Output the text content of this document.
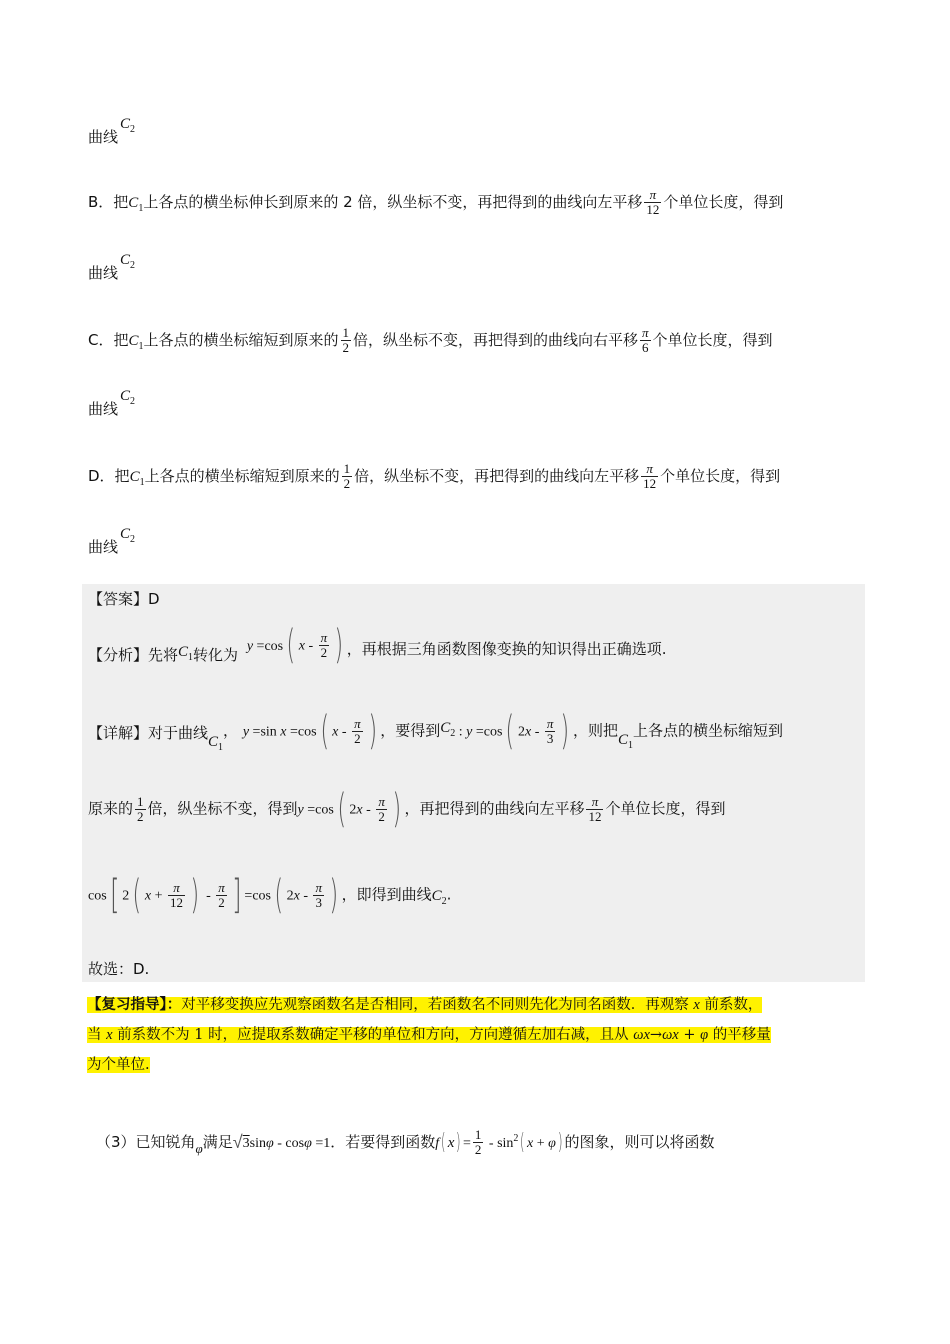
曲线$C_2$
B．把$C_1$上各点的横坐标伸长到原来的 2 倍，纵坐标不变，再把得到的曲线向左平移 $\frac{\pi}{12}$ 个单位长度，得到
曲线$C_2$
C．把$C_1$上各点的横坐标缩短到原来的 $\frac{1}{2}$ 倍，纵坐标不变，再把得到的曲线向右平移 $\frac{\pi}{6}$ 个单位长度，得到
曲线$C_2$
D．把$C_1$上各点的横坐标缩短到原来的 $\frac{1}{2}$ 倍，纵坐标不变，再把得到的曲线向左平移 $\frac{\pi}{12}$ 个单位长度，得到
曲线$C_2$
【答案】D
【分析】先将$C_1$转化为 y =cos( x - $\frac{\pi}{2}$ ) ，再根据三角函数图像变换的知识得出正确选项.
【详解】对于曲线$C_1$， y =sin x =cos( x - $\frac{\pi}{2}$ ) ，要得到$C_2$ : y =cos( $2x - \frac{\pi}{3}$ ) ，则把$C_1$上各点的横坐标缩短到
原来的 $\frac{1}{2}$ 倍，纵坐标不变，得到y =cos( $2x - \frac{\pi}{2}$ ) ，再把得到的曲线向左平移 $\frac{\pi}{12}$ 个单位长度，得到
cos[ 2( $x + \frac{\pi}{12}$ ) - $\frac{\pi}{2}$ ] =cos( $2x - \frac{\pi}{3}$ ) ，即得到曲线$C_2$.
故选：D.
【复习指导】：对平移变换应先观察函数名是否相同，若函数名不同则先化为同名函数．再观察 x 前系数，
当 x 前系数不为 1 时，应提取系数确定平移的单位和方向，方向遵循左加右减，且从 ωx→ωx + φ 的平移量
为个单位.
（3）已知锐角φ满足√3sinφ - cosφ =1．若要得到函数f( $x) = \frac{1}{2} - \sin^2$( x + φ) 的图象，则可以将函数
